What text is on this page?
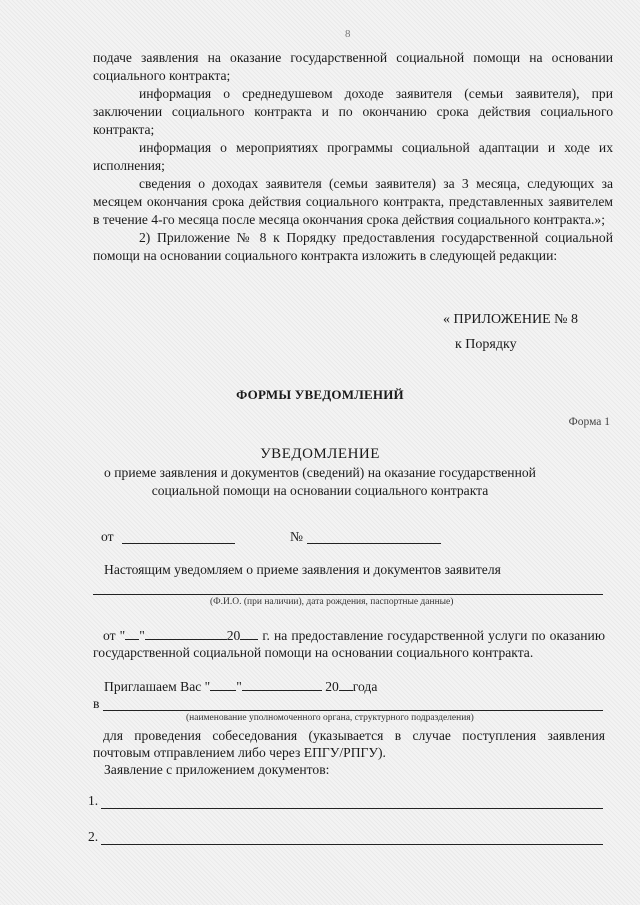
8

подаче заявления на оказание государственной социальной помощи на основании социального контракта;

информация о среднедушевом доходе заявителя (семьи заявителя), при заключении социального контракта и по окончанию срока действия социального контракта;

информация о мероприятиях программы социальной адаптации и ходе их исполнения;

сведения о доходах заявителя (семьи заявителя) за 3 месяца, следующих за месяцем окончания срока действия социального контракта, представленных заявителем в течение 4-го месяца после месяца окончания срока действия социального контракта.»;

2) Приложение № 8 к Порядку предоставления государственной социальной помощи на основании социального контракта изложить в следующей редакции:

« ПРИЛОЖЕНИЕ № 8
к Порядку
ФОРМЫ УВЕДОМЛЕНИЙ
Форма 1
УВЕДОМЛЕНИЕ
о приеме заявления и документов (сведений) на оказание государственной социальной помощи на основании социального контракта
от	№
Настоящим уведомляем о приеме заявления и документов заявителя
(Ф.И.О. (при наличии), дата рождения, паспортные данные)
от " "	20 г. на предоставление государственной услуги по оказанию государственной социальной помощи на основании социального контракта.
Приглашаем Вас " "	20 года
в
(наименование уполномоченного органа, структурного подразделения)
для проведения собеседования (указывается в случае поступления заявления почтовым отправлением либо через ЕПГУ/РПГУ).
Заявление с приложением документов:
1.
2.
